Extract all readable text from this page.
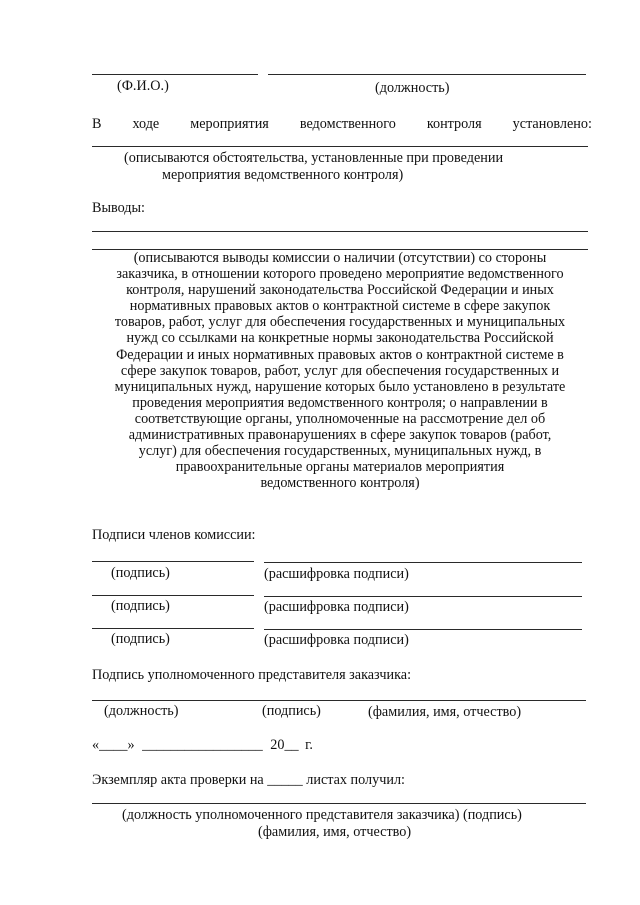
(Ф.И.О.)	(должность)
В ходе мероприятия ведомственного контроля установлено:
(описываются обстоятельства, установленные при проведении
мероприятия ведомственного контроля)
Выводы:
(описываются выводы комиссии о наличии (отсутствии) со стороны
заказчика, в отношении которого проведено мероприятие ведомственного
контроля, нарушений законодательства Российской Федерации и иных
нормативных правовых актов о контрактной системе в сфере закупок
товаров, работ, услуг для обеспечения государственных и муниципальных
нужд со ссылками на конкретные нормы законодательства Российской
Федерации и иных нормативных правовых актов о контрактной системе в
сфере закупок товаров, работ, услуг для обеспечения государственных и
муниципальных нужд, нарушение которых было установлено в результате
проведения мероприятия ведомственного контроля; о направлении в
соответствующие органы, уполномоченные на рассмотрение дел об
административных правонарушениях в сфере закупок товаров (работ,
услуг) для обеспечения государственных, муниципальных нужд, в
правоохранительные органы материалов мероприятия
ведомственного контроля)
Подписи членов комиссии:
(подпись)	(расшифровка подписи)
(подпись)	(расшифровка подписи)
(подпись)	(расшифровка подписи)
Подпись уполномоченного представителя заказчика:
(должность)	(подпись)	(фамилия, имя, отчество)
«____» _________________ 20__ г.
Экземпляр акта проверки на _____ листах получил:
(должность уполномоченного представителя заказчика) (подпись)
(фамилия, имя, отчество)
